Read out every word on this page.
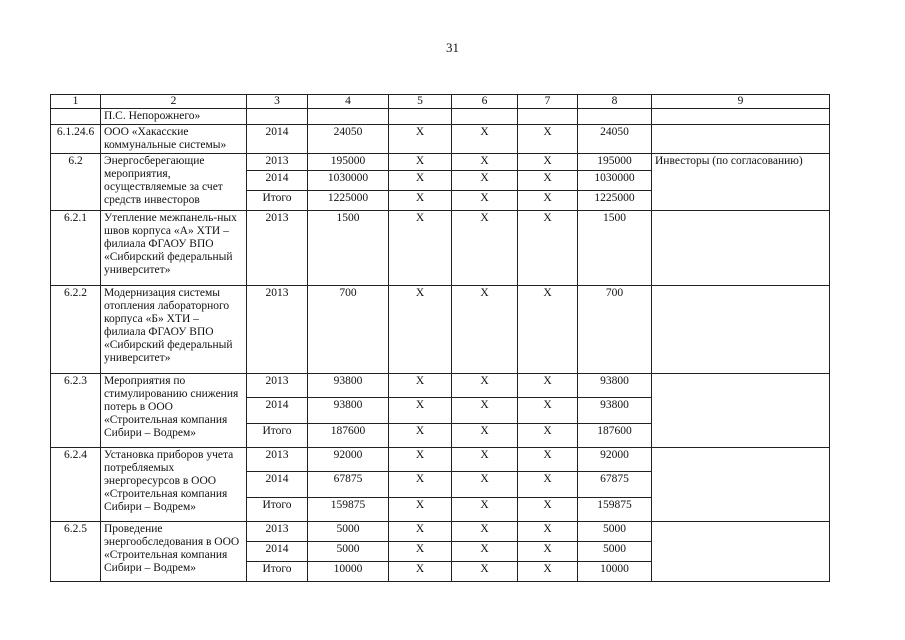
31
1	2	3	4	5	6	7	8	9
	П.С. Непорожнего»							
6.1.24.6	ООО «Хакасские коммунальные системы»	2014	24050	Х	Х	Х	24050	
6.2	Энергосберегающие мероприятия, осуществляемые за счет средств инвесторов	2013	195000	Х	Х	Х	195000	Инвесторы (по согласованию)
		2014	1030000	Х	Х	Х	1030000	
		Итого	1225000	Х	Х	Х	1225000	
6.2.1	Утепление межпанель-ных швов корпуса «А» ХТИ – филиала ФГАОУ ВПО «Сибирский федеральный университет»	2013	1500	Х	Х	Х	1500	
6.2.2	Модернизация системы отопления лабораторного корпуса «Б» ХТИ – филиала ФГАОУ ВПО «Сибирский федеральный университет»	2013	700	Х	Х	Х	700	
6.2.3	Мероприятия по стимулированию снижения потерь в ООО «Строительная компания Сибири – Водрем»	2013	93800	Х	Х	Х	93800	
		2014	93800	Х	Х	Х	93800	
		Итого	187600	Х	Х	Х	187600	
6.2.4	Установка приборов учета потребляемых энергоресурсов в ООО «Строительная компания Сибири – Водрем»	2013	92000	Х	Х	Х	92000	
		2014	67875	Х	Х	Х	67875	
		Итого	159875	Х	Х	Х	159875	
6.2.5	Проведение энергообследования в ООО «Строительная компания Сибири – Водрем»	2013	5000	Х	Х	Х	5000	
		2014	5000	Х	Х	Х	5000	
		Итого	10000	Х	Х	Х	10000	
